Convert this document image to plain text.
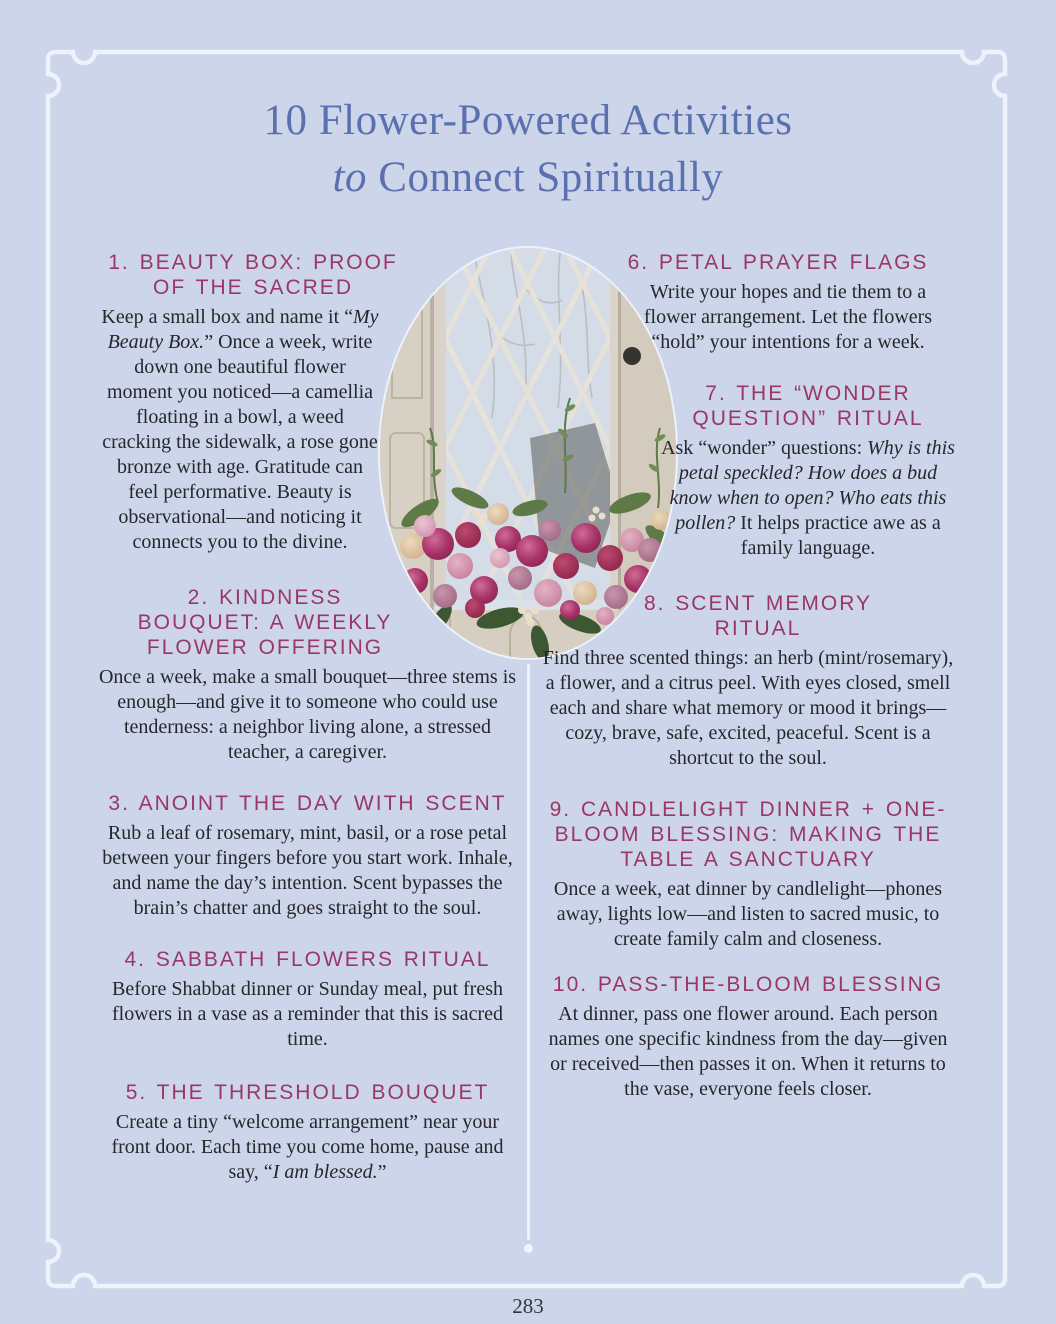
10 Flower-Powered Activities
to Connect Spiritually
1. BEAUTY BOX: PROOF OF THE SACRED

Keep a small box and name it “My Beauty Box.” Once a week, write down one beautiful flower moment you noticed—a camellia floating in a bowl, a weed cracking the sidewalk, a rose gone bronze with age. Gratitude can feel performative. Beauty is observational—and noticing it connects you to the divine.

2. KINDNESS BOUQUET: A WEEKLY FLOWER OFFERING

Once a week, make a small bouquet—three stems is enough—and give it to someone who could use tenderness: a neighbor living alone, a stressed teacher, a caregiver.

3. ANOINT THE DAY WITH SCENT

Rub a leaf of rosemary, mint, basil, or a rose petal between your fingers before you start work. Inhale, and name the day’s intention. Scent bypasses the brain’s chatter and goes straight to the soul.

4. SABBATH FLOWERS RITUAL

Before Shabbat dinner or Sunday meal, put fresh flowers in a vase as a reminder that this is sacred time.

5. THE THRESHOLD BOUQUET

Create a tiny “welcome arrangement” near your front door. Each time you come home, pause and say, “I am blessed.”

6. PETAL PRAYER FLAGS

Write your hopes and tie them to a flower arrangement. Let the flowers “hold” your intentions for a week.

7. THE “WONDER QUESTION” RITUAL

Ask “wonder” questions: Why is this petal speckled? How does a bud know when to open? Who eats this pollen? It helps practice awe as a family language.

8. SCENT MEMORY RITUAL

Find three scented things: an herb (mint/rosemary), a flower, and a citrus peel. With eyes closed, smell each and share what memory or mood it brings—cozy, brave, safe, excited, peaceful. Scent is a shortcut to the soul.

9. CANDLELIGHT DINNER + ONE-BLOOM BLESSING: MAKING THE TABLE A SANCTUARY

Once a week, eat dinner by candlelight—phones away, lights low—and listen to sacred music, to create family calm and closeness.

10. PASS-THE-BLOOM BLESSING

At dinner, pass one flower around. Each person names one specific kindness from the day—given or received—then passes it on. When it returns to the vase, everyone feels closer.

283
